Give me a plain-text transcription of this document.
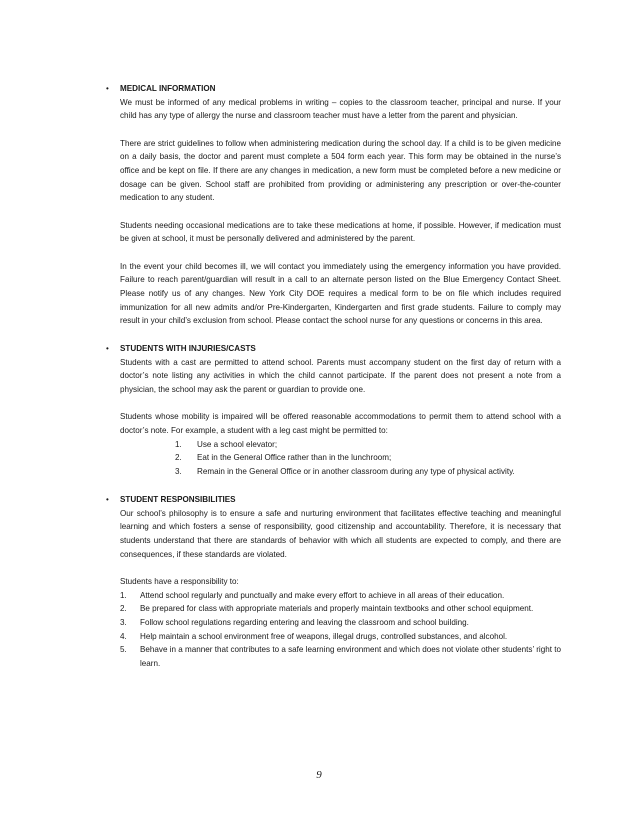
• MEDICAL INFORMATION

We must be informed of any medical problems in writing – copies to the classroom teacher, principal and nurse. If your child has any type of allergy the nurse and classroom teacher must have a letter from the parent and physician.

There are strict guidelines to follow when administering medication during the school day. If a child is to be given medicine on a daily basis, the doctor and parent must complete a 504 form each year. This form may be obtained in the nurse’s office and be kept on file. If there are any changes in medication, a new form must be completed before a new medicine or dosage can be given. School staff are prohibited from providing or administering any prescription or over-the-counter medication to any student.

Students needing occasional medications are to take these medications at home, if possible. However, if medication must be given at school, it must be personally delivered and administered by the parent.

In the event your child becomes ill, we will contact you immediately using the emergency information you have provided. Failure to reach parent/guardian will result in a call to an alternate person listed on the Blue Emergency Contact Sheet. Please notify us of any changes. New York City DOE requires a medical form to be on file which includes required immunization for all new admits and/or Pre-Kindergarten, Kindergarten and first grade students. Failure to comply may result in your child’s exclusion from school. Please contact the school nurse for any questions or concerns in this area.

• STUDENTS WITH INJURIES/CASTS

Students with a cast are permitted to attend school. Parents must accompany student on the first day of return with a doctor’s note listing any activities in which the child cannot participate. If the parent does not present a note from a physician, the school may ask the parent or guardian to provide one.

Students whose mobility is impaired will be offered reasonable accommodations to permit them to attend school with a doctor’s note. For example, a student with a leg cast might be permitted to:

1. Use a school elevator;
2. Eat in the General Office rather than in the lunchroom;
3. Remain in the General Office or in another classroom during any type of physical activity.
• STUDENT RESPONSIBILITIES

Our school’s philosophy is to ensure a safe and nurturing environment that facilitates effective teaching and meaningful learning and which fosters a sense of responsibility, good citizenship and accountability. Therefore, it is necessary that students understand that there are standards of behavior with which all students are expected to comply, and there are consequences, if these standards are violated.

Students have a responsibility to:

1. Attend school regularly and punctually and make every effort to achieve in all areas of their education.
2. Be prepared for class with appropriate materials and properly maintain textbooks and other school equipment.
3. Follow school regulations regarding entering and leaving the classroom and school building.
4. Help maintain a school environment free of weapons, illegal drugs, controlled substances, and alcohol.
5. Behave in a manner that contributes to a safe learning environment and which does not violate other students’ right to learn.
9
